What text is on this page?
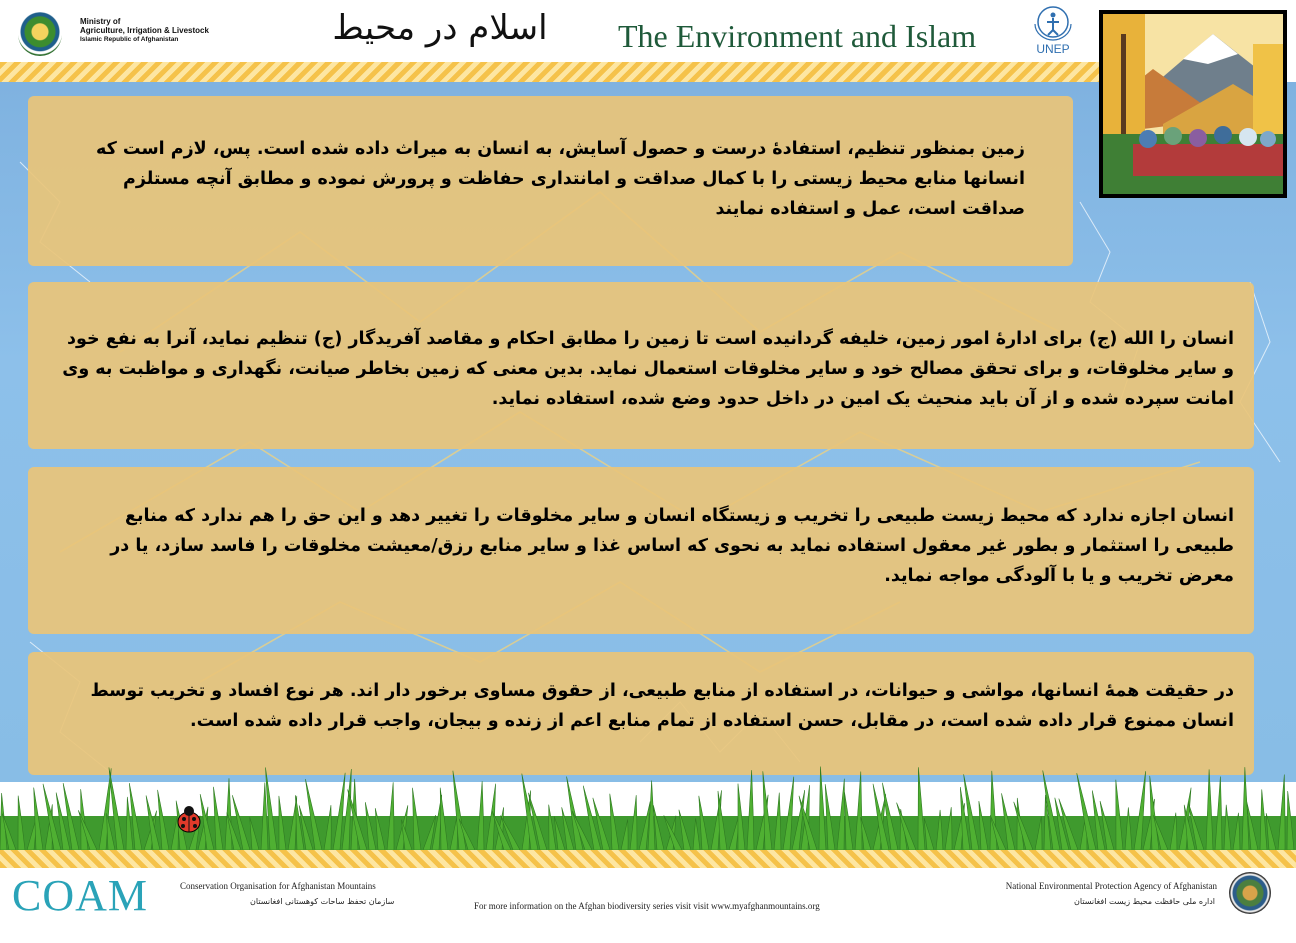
Ministry of
Agriculture, Irrigation & Livestock
Islamic Republic of Afghanistan	اسلام در محیط	The Environment and Islam	UNEP

زمین بمنظور تنظیم، استفادۀ درست و حصول آسایش، به انسان به میراث داده شده است. پس، لازم است که انسانها منابع محیط زیستی را با کمال صداقت و امانتداری حفاظت و پرورش نموده و مطابق آنچه مستلزم صداقت است، عمل و استفاده نمایند

انسان را الله (ج) برای ادارۀ امور زمین، خلیفه گردانیده است تا زمین را مطابق احکام و مقاصد آفریدگار (ج) تنظیم نماید، آنرا به نفع خود و سایر مخلوقات، و برای تحقق مصالح خود و سایر مخلوقات استعمال نماید. بدین معنی که زمین بخاطر صیانت، نگهداری و مواظبت به وی امانت سپرده شده و از آن باید منحیث یک امین در داخل حدود وضع شده، استفاده نماید.

انسان اجازه ندارد که محیط زیست طبیعی را تخریب و زیستگاه انسان و سایر مخلوقات را تغییر دهد و این حق را هم ندارد که منابع طبیعی را استثمار و بطور غیر معقول استفاده نماید به نحوی که اساس غذا و سایر منابع رزق/معیشت مخلوقات را فاسد سازد، یا در معرض تخریب و یا با آلودگی مواجه نماید.

در حقیقت همۀ انسانها، مواشی و حیوانات، در استفاده از منابع طبیعی، از حقوق مساوی برخور دار اند. هر نوع افساد و تخریب توسط انسان ممنوع قرار داده شده است، در مقابل، حسن استفاده از تمام منابع اعم از زنده و بیجان، واجب قرار داده شده است.

COAM	Conservation Organisation for Afghanistan Mountains
سازمان تحفظ ساحات کوهستانی افغانستان	For more information on the Afghan biodiversity series visit visit www.myafghanmountains.org
National Environmental Protection Agency of Afghanistan
اداره ملی حافظت محیط زیست افغانستان
